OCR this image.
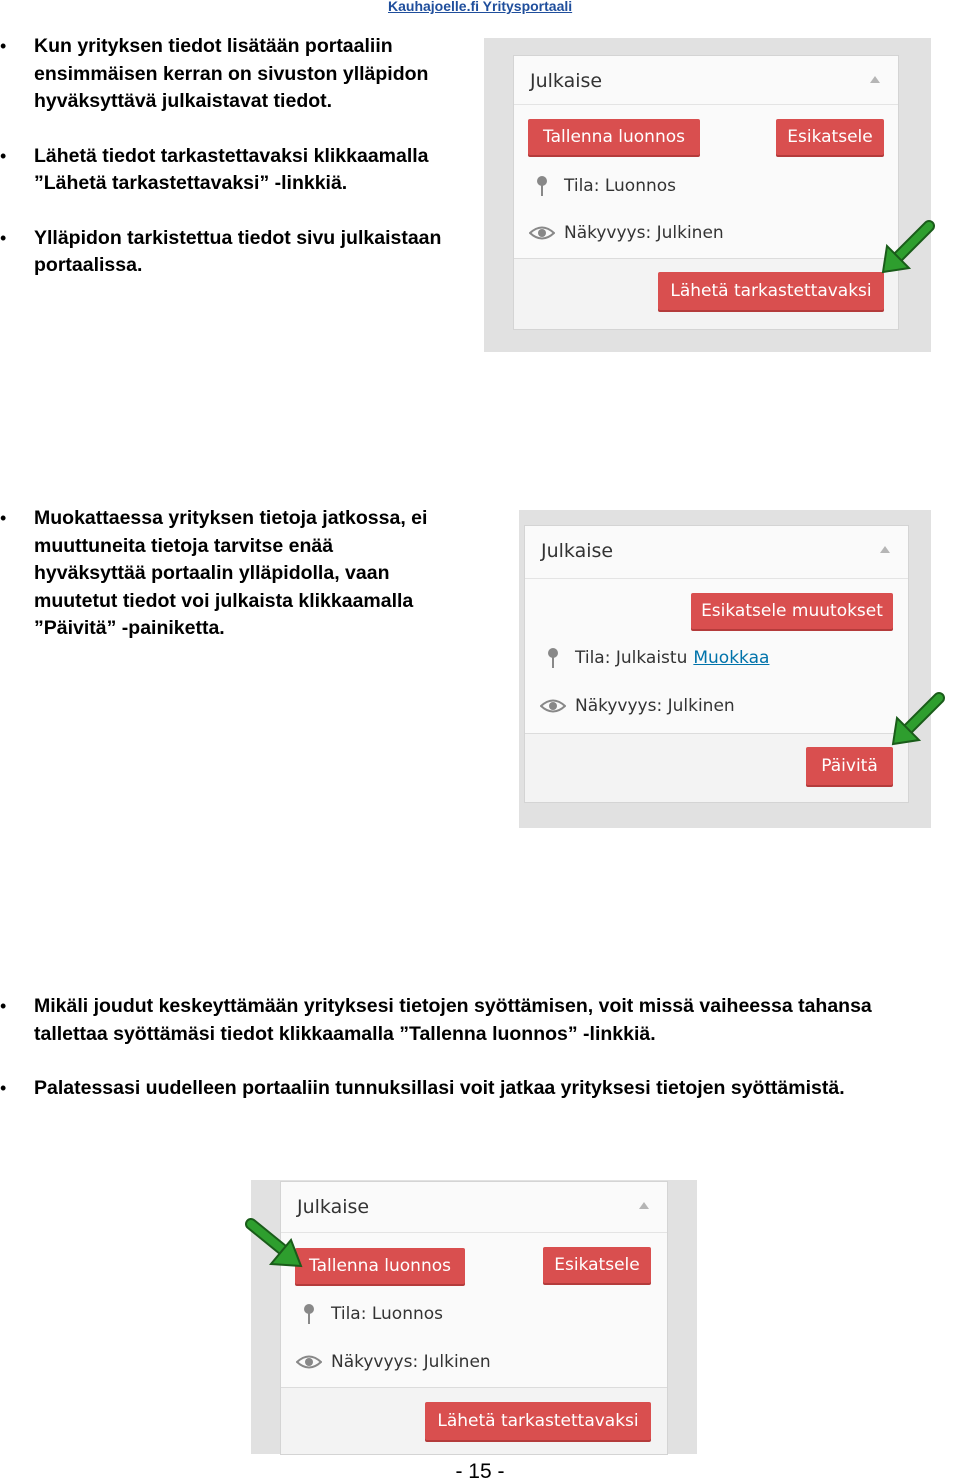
Kauhajoelle.fi Yritysportaali
• Kun yrityksen tiedot lisätään portaaliin ensimmäisen kerran on sivuston ylläpidon hyväksyttävä julkaistavat tiedot.
• Lähetä tiedot tarkastettavaksi klikkaamalla ”Lähetä tarkastettavaksi” -linkkiä.
• Ylläpidon tarkistettua tiedot sivu julkaistaan portaalissa.
Julkaise
Tallenna luonnos	Esikatsele
Tila: Luonnos
Näkyvyys: Julkinen
Lähetä tarkastettavaksi
• Muokattaessa yrityksen tietoja jatkossa, ei muuttuneita tietoja tarvitse enää hyväksyttää portaalin ylläpidolla, vaan muutetut tiedot voi julkaista klikkaamalla ”Päivitä” -painiketta.
Julkaise
Esikatsele muutokset
Tila: Julkaistu Muokkaa
Näkyvyys: Julkinen
Päivitä
• Mikäli joudut keskeyttämään yrityksesi tietojen syöttämisen, voit missä vaiheessa tahansa tallettaa syöttämäsi tiedot klikkaamalla ”Tallenna luonnos” -linkkiä.
• Palatessasi uudelleen portaaliin tunnuksillasi voit jatkaa yrityksesi tietojen syöttämistä.
Julkaise
Tallenna luonnos	Esikatsele
Tila: Luonnos
Näkyvyys: Julkinen
Lähetä tarkastettavaksi
- 15 -
